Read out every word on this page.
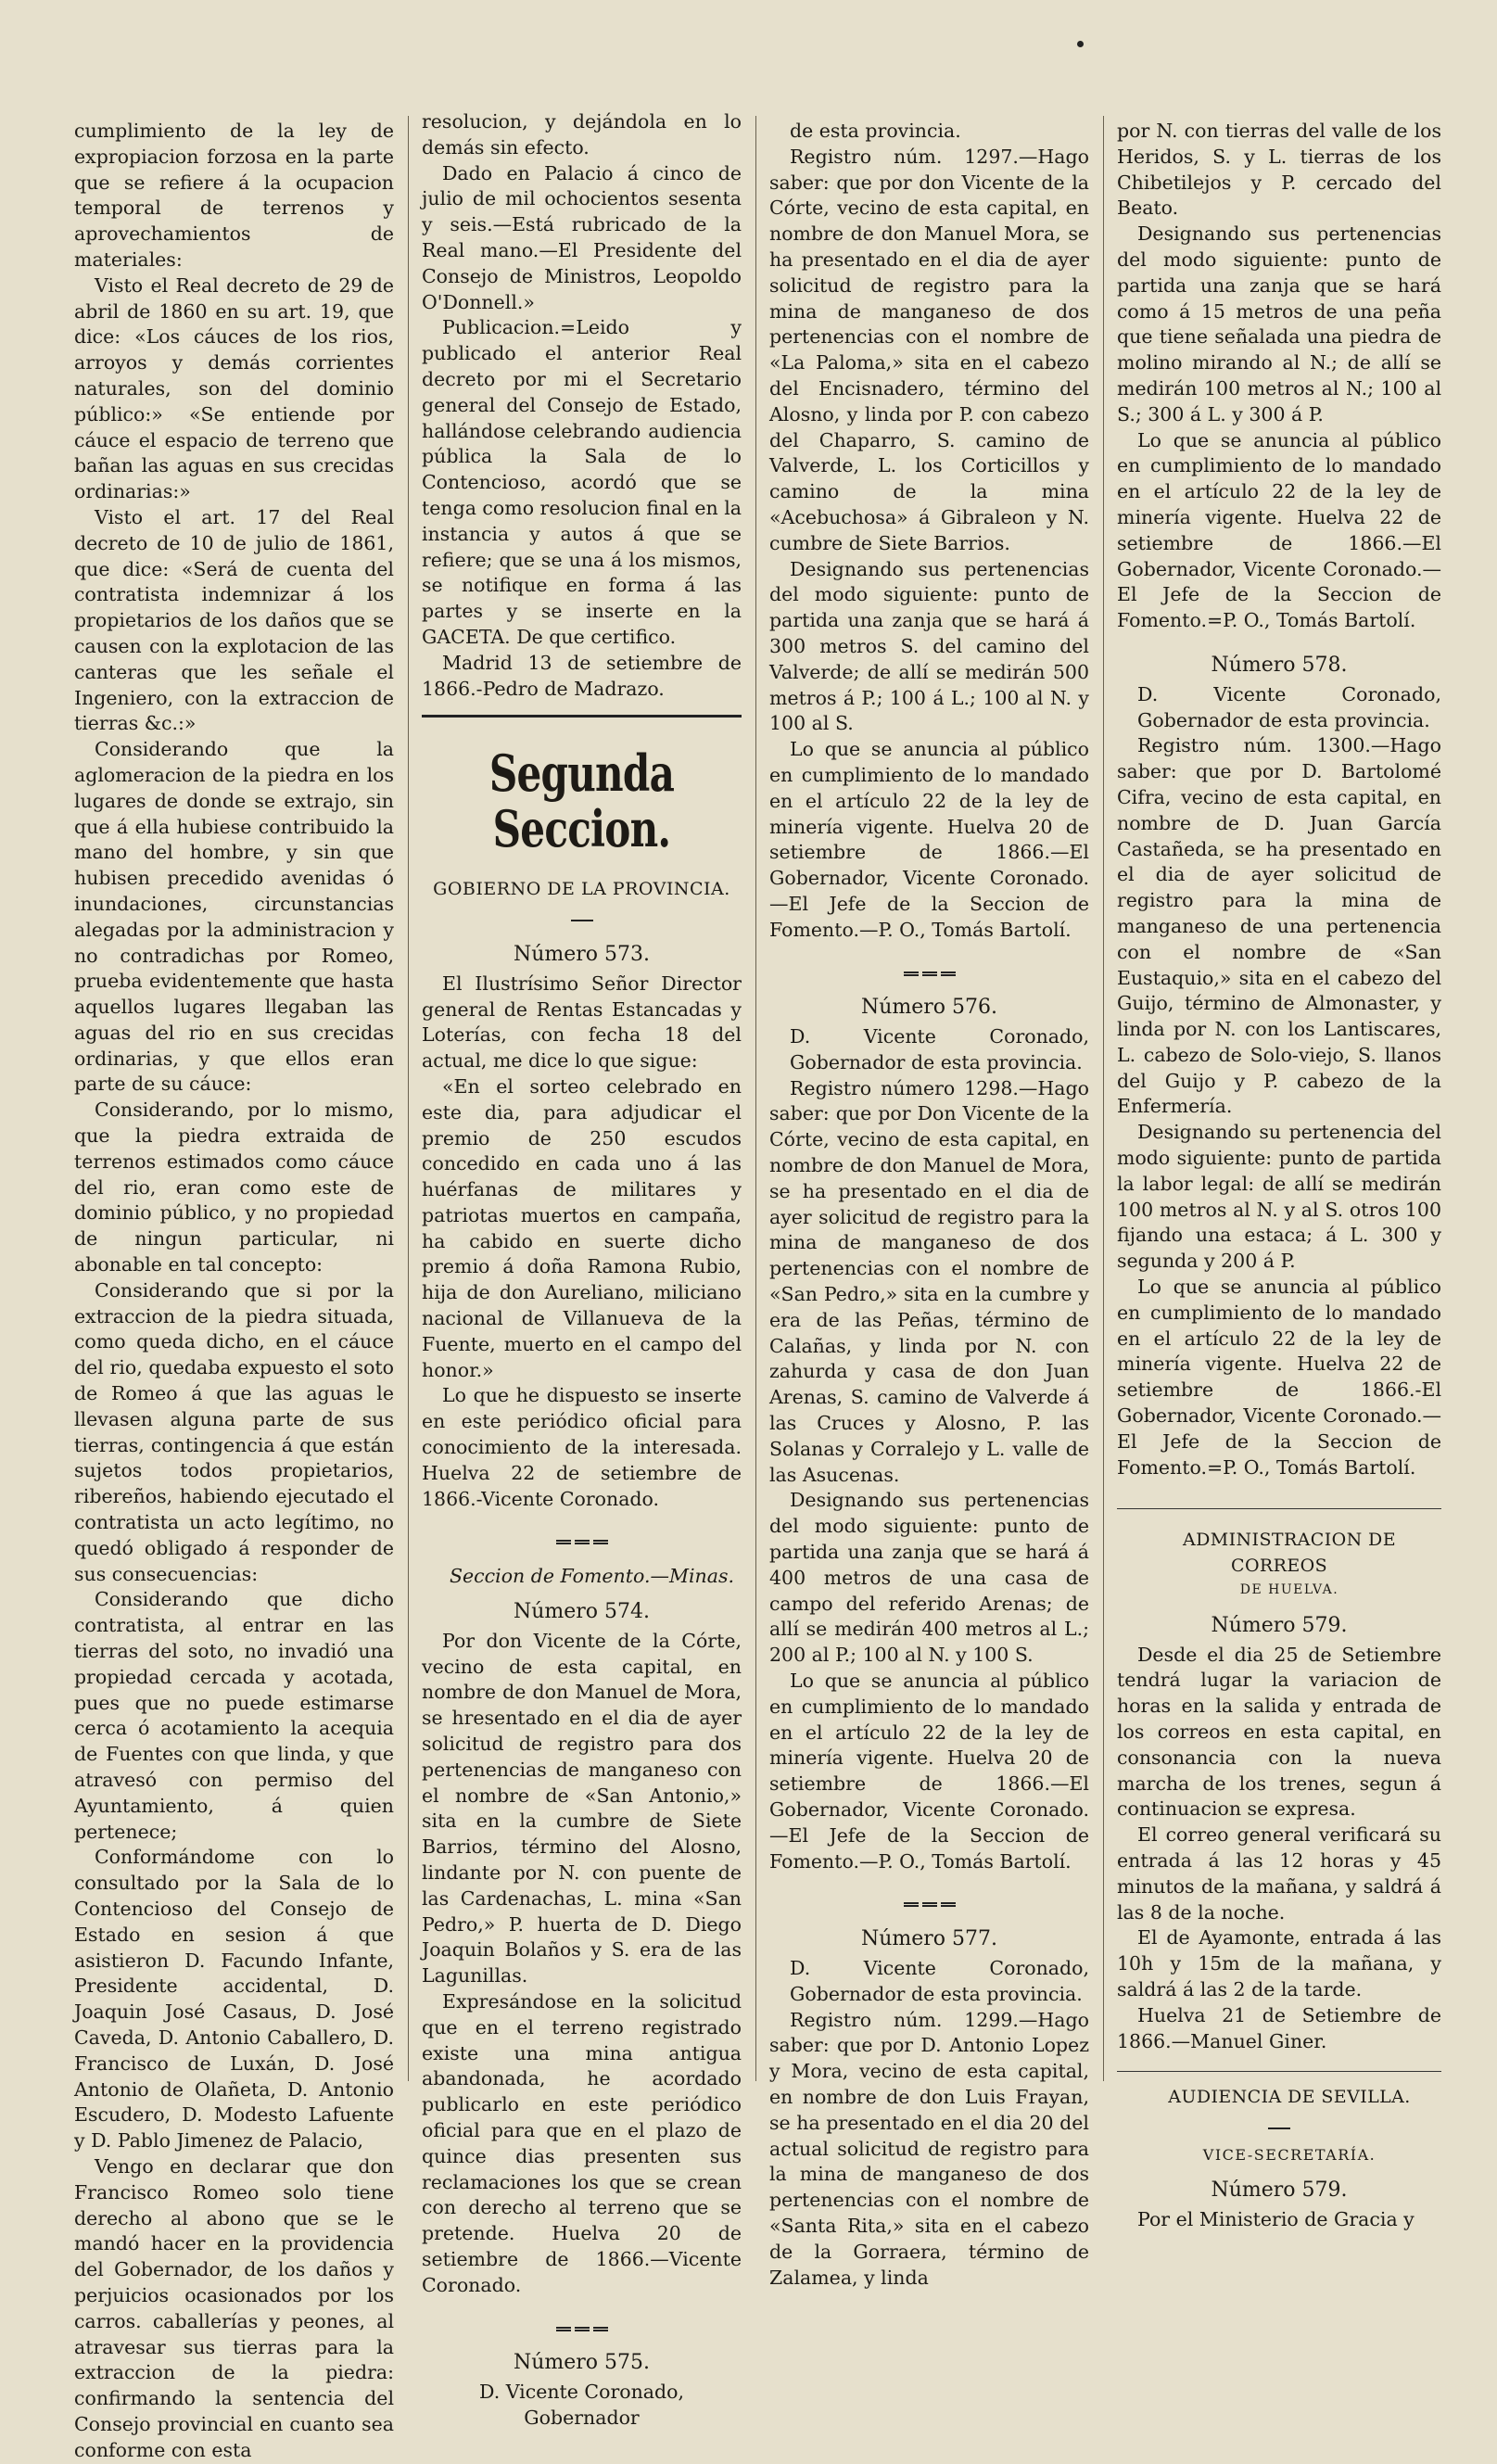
cumplimiento de la ley de expropiacion forzosa en la parte que se refiere á la ocupacion temporal de terrenos y aprovechamientos de materiales:

Visto el Real decreto de 29 de abril de 1860 en su art. 19, que dice: «Los cáuces de los rios, arroyos y demás corrientes naturales, son del dominio público:» «Se entiende por cáuce el espacio de terreno que bañan las aguas en sus crecidas ordinarias:»

Visto el art. 17 del Real decreto de 10 de julio de 1861, que dice: «Será de cuenta del contratista indemnizar á los propietarios de los daños que se causen con la explotacion de las canteras que les señale el Ingeniero, con la extraccion de tierras &c.:»

Considerando que la aglomeracion de la piedra en los lugares de donde se extrajo, sin que á ella hubiese contribuido la mano del hombre, y sin que hubisen precedido avenidas ó inundaciones, circunstancias alegadas por la administracion y no contradichas por Romeo, prueba evidentemente que hasta aquellos lugares llegaban las aguas del rio en sus crecidas ordinarias, y que ellos eran parte de su cáuce:

Considerando, por lo mismo, que la piedra extraida de terrenos estimados como cáuce del rio, eran como este de dominio público, y no propiedad de ningun particular, ni abonable en tal concepto:

Considerando que si por la extraccion de la piedra situada, como queda dicho, en el cáuce del rio, quedaba expuesto el soto de Romeo á que las aguas le llevasen alguna parte de sus tierras, contingencia á que están sujetos todos propietarios, ribereños, habiendo ejecutado el contratista un acto legítimo, no quedó obligado á responder de sus consecuencias:

Considerando que dicho contratista, al entrar en las tierras del soto, no invadió una propiedad cercada y acotada, pues que no puede estimarse cerca ó acotamiento la acequia de Fuentes con que linda, y que atravesó con permiso del Ayuntamiento, á quien pertenece;

Conformándome con lo consultado por la Sala de lo Contencioso del Consejo de Estado en sesion á que asistieron D. Facundo Infante, Presidente accidental, D. Joaquin José Casaus, D. José Caveda, D. Antonio Caballero, D. Francisco de Luxán, D. José Antonio de Olañeta, D. Antonio Escudero, D. Modesto Lafuente y D. Pablo Jimenez de Palacio,

Vengo en declarar que don Francisco Romeo solo tiene derecho al abono que se le mandó hacer en la providencia del Gobernador, de los daños y perjuicios ocasionados por los carros. caballerías y peones, al atravesar sus tierras para la extraccion de la piedra: confirmando la sentencia del Consejo provincial en cuanto sea conforme con esta

resolucion, y dejándola en lo demás sin efecto.

Dado en Palacio á cinco de julio de mil ochocientos sesenta y seis.—Está rubricado de la Real mano.—El Presidente del Consejo de Ministros, Leopoldo O'Donnell.»

Publicacion.=Leido y publicado el anterior Real decreto por mi el Secretario general del Consejo de Estado, hallándose celebrando audiencia pública la Sala de lo Contencioso, acordó que se tenga como resolucion final en la instancia y autos á que se refiere; que se una á los mismos, se notifique en forma á las partes y se inserte en la GACETA. De que certifico.

Madrid 13 de setiembre de 1866.-Pedro de Madrazo.

Segunda Seccion.
GOBIERNO DE LA PROVINCIA.

Número 573.

El Ilustrísimo Señor Director general de Rentas Estancadas y Loterías, con fecha 18 del actual, me dice lo que sigue:

«En el sorteo celebrado en este dia, para adjudicar el premio de 250 escudos concedido en cada uno á las huérfanas de militares y patriotas muertos en campaña, ha cabido en suerte dicho premio á doña Ramona Rubio, hija de don Aureliano, miliciano nacional de Villanueva de la Fuente, muerto en el campo del honor.»

Lo que he dispuesto se inserte en este periódico oficial para conocimiento de la interesada. Huelva 22 de setiembre de 1866.-Vicente Coronado.

Seccion de Fomento.—Minas.

Número 574.

Por don Vicente de la Córte, vecino de esta capital, en nombre de don Manuel de Mora, se hresentado en el dia de ayer solicitud de registro para dos pertenencias de manganeso con el nombre de «San Antonio,» sita en la cumbre de Siete Barrios, término del Alosno, lindante por N. con puente de las Cardenachas, L. mina «San Pedro,» P. huerta de D. Diego Joaquin Bolaños y S. era de las Lagunillas.

Expresándose en la solicitud que en el terreno registrado existe una mina antigua abandonada, he acordado publicarlo en este periódico oficial para que en el plazo de quince dias presenten sus reclamaciones los que se crean con derecho al terreno que se pretende. Huelva 20 de setiembre de 1866.—Vicente Coronado.

Número 575.

D. Vicente Coronado, Gobernador

de esta provincia.

Registro núm. 1297.—Hago saber: que por don Vicente de la Córte, vecino de esta capital, en nombre de don Manuel Mora, se ha presentado en el dia de ayer solicitud de registro para la mina de manganeso de dos pertenencias con el nombre de «La Paloma,» sita en el cabezo del Encisnadero, término del Alosno, y linda por P. con cabezo del Chaparro, S. camino de Valverde, L. los Corticillos y camino de la mina «Acebuchosa» á Gibraleon y N. cumbre de Siete Barrios.

Designando sus pertenencias del modo siguiente: punto de partida una zanja que se hará á 300 metros S. del camino del Valverde; de allí se medirán 500 metros á P.; 100 á L.; 100 al N. y 100 al S.

Lo que se anuncia al público en cumplimiento de lo mandado en el artículo 22 de la ley de minería vigente. Huelva 20 de setiembre de 1866.—El Gobernador, Vicente Coronado.—El Jefe de la Seccion de Fomento.—P. O., Tomás Bartolí.

Número 576.

D. Vicente Coronado, Gobernador de esta provincia.

Registro número 1298.—Hago saber: que por Don Vicente de la Córte, vecino de esta capital, en nombre de don Manuel de Mora, se ha presentado en el dia de ayer solicitud de registro para la mina de manganeso de dos pertenencias con el nombre de «San Pedro,» sita en la cumbre y era de las Peñas, término de Calañas, y linda por N. con zahurda y casa de don Juan Arenas, S. camino de Valverde á las Cruces y Alosno, P. las Solanas y Corralejo y L. valle de las Asucenas.

Designando sus pertenencias del modo siguiente: punto de partida una zanja que se hará á 400 metros de una casa de campo del referido Arenas; de allí se medirán 400 metros al L.; 200 al P.; 100 al N. y 100 S.

Lo que se anuncia al público en cumplimiento de lo mandado en el artículo 22 de la ley de minería vigente. Huelva 20 de setiembre de 1866.—El Gobernador, Vicente Coronado.—El Jefe de la Seccion de Fomento.—P. O., Tomás Bartolí.

Número 577.

D. Vicente Coronado, Gobernador de esta provincia.

Registro núm. 1299.—Hago saber: que por D. Antonio Lopez y Mora, vecino de esta capital, en nombre de don Luis Frayan, se ha presentado en el dia 20 del actual solicitud de registro para la mina de manganeso de dos pertenencias con el nombre de «Santa Rita,» sita en el cabezo de la Gorraera, término de Zalamea, y linda

por N. con tierras del valle de los Heridos, S. y L. tierras de los Chibetilejos y P. cercado del Beato.

Designando sus pertenencias del modo siguiente: punto de partida una zanja que se hará como á 15 metros de una peña que tiene señalada una piedra de molino mirando al N.; de allí se medirán 100 metros al N.; 100 al S.; 300 á L. y 300 á P.

Lo que se anuncia al público en cumplimiento de lo mandado en el artículo 22 de la ley de minería vigente. Huelva 22 de setiembre de 1866.—El Gobernador, Vicente Coronado.—El Jefe de la Seccion de Fomento.=P. O., Tomás Bartolí.

Número 578.

D. Vicente Coronado, Gobernador de esta provincia.

Registro núm. 1300.—Hago saber: que por D. Bartolomé Cifra, vecino de esta capital, en nombre de D. Juan García Castañeda, se ha presentado en el dia de ayer solicitud de registro para la mina de manganeso de una pertenencia con el nombre de «San Eustaquio,» sita en el cabezo del Guijo, término de Almonaster, y linda por N. con los Lantiscares, L. cabezo de Solo-viejo, S. llanos del Guijo y P. cabezo de la Enfermería.

Designando su pertenencia del modo siguiente: punto de partida la labor legal: de allí se medirán 100 metros al N. y al S. otros 100 fijando una estaca; á L. 300 y segunda y 200 á P.

Lo que se anuncia al público en cumplimiento de lo mandado en el artículo 22 de la ley de minería vigente. Huelva 22 de setiembre de 1866.-El Gobernador, Vicente Coronado.—El Jefe de la Seccion de Fomento.=P. O., Tomás Bartolí.

ADMINISTRACION DE CORREOS

DE HUELVA.

Número 579.

Desde el dia 25 de Setiembre tendrá lugar la variacion de horas en la salida y entrada de los correos en esta capital, en consonancia con la nueva marcha de los trenes, segun á continuacion se expresa.

El correo general verificará su entrada á las 12 horas y 45 minutos de la mañana, y saldrá á las 8 de la noche.

El de Ayamonte, entrada á las 10h y 15m de la mañana, y saldrá á las 2 de la tarde.

Huelva 21 de Setiembre de 1866.—Manuel Giner.

AUDIENCIA DE SEVILLA.

VICE-SECRETARÍA.

Número 579.

Por el Ministerio de Gracia y
